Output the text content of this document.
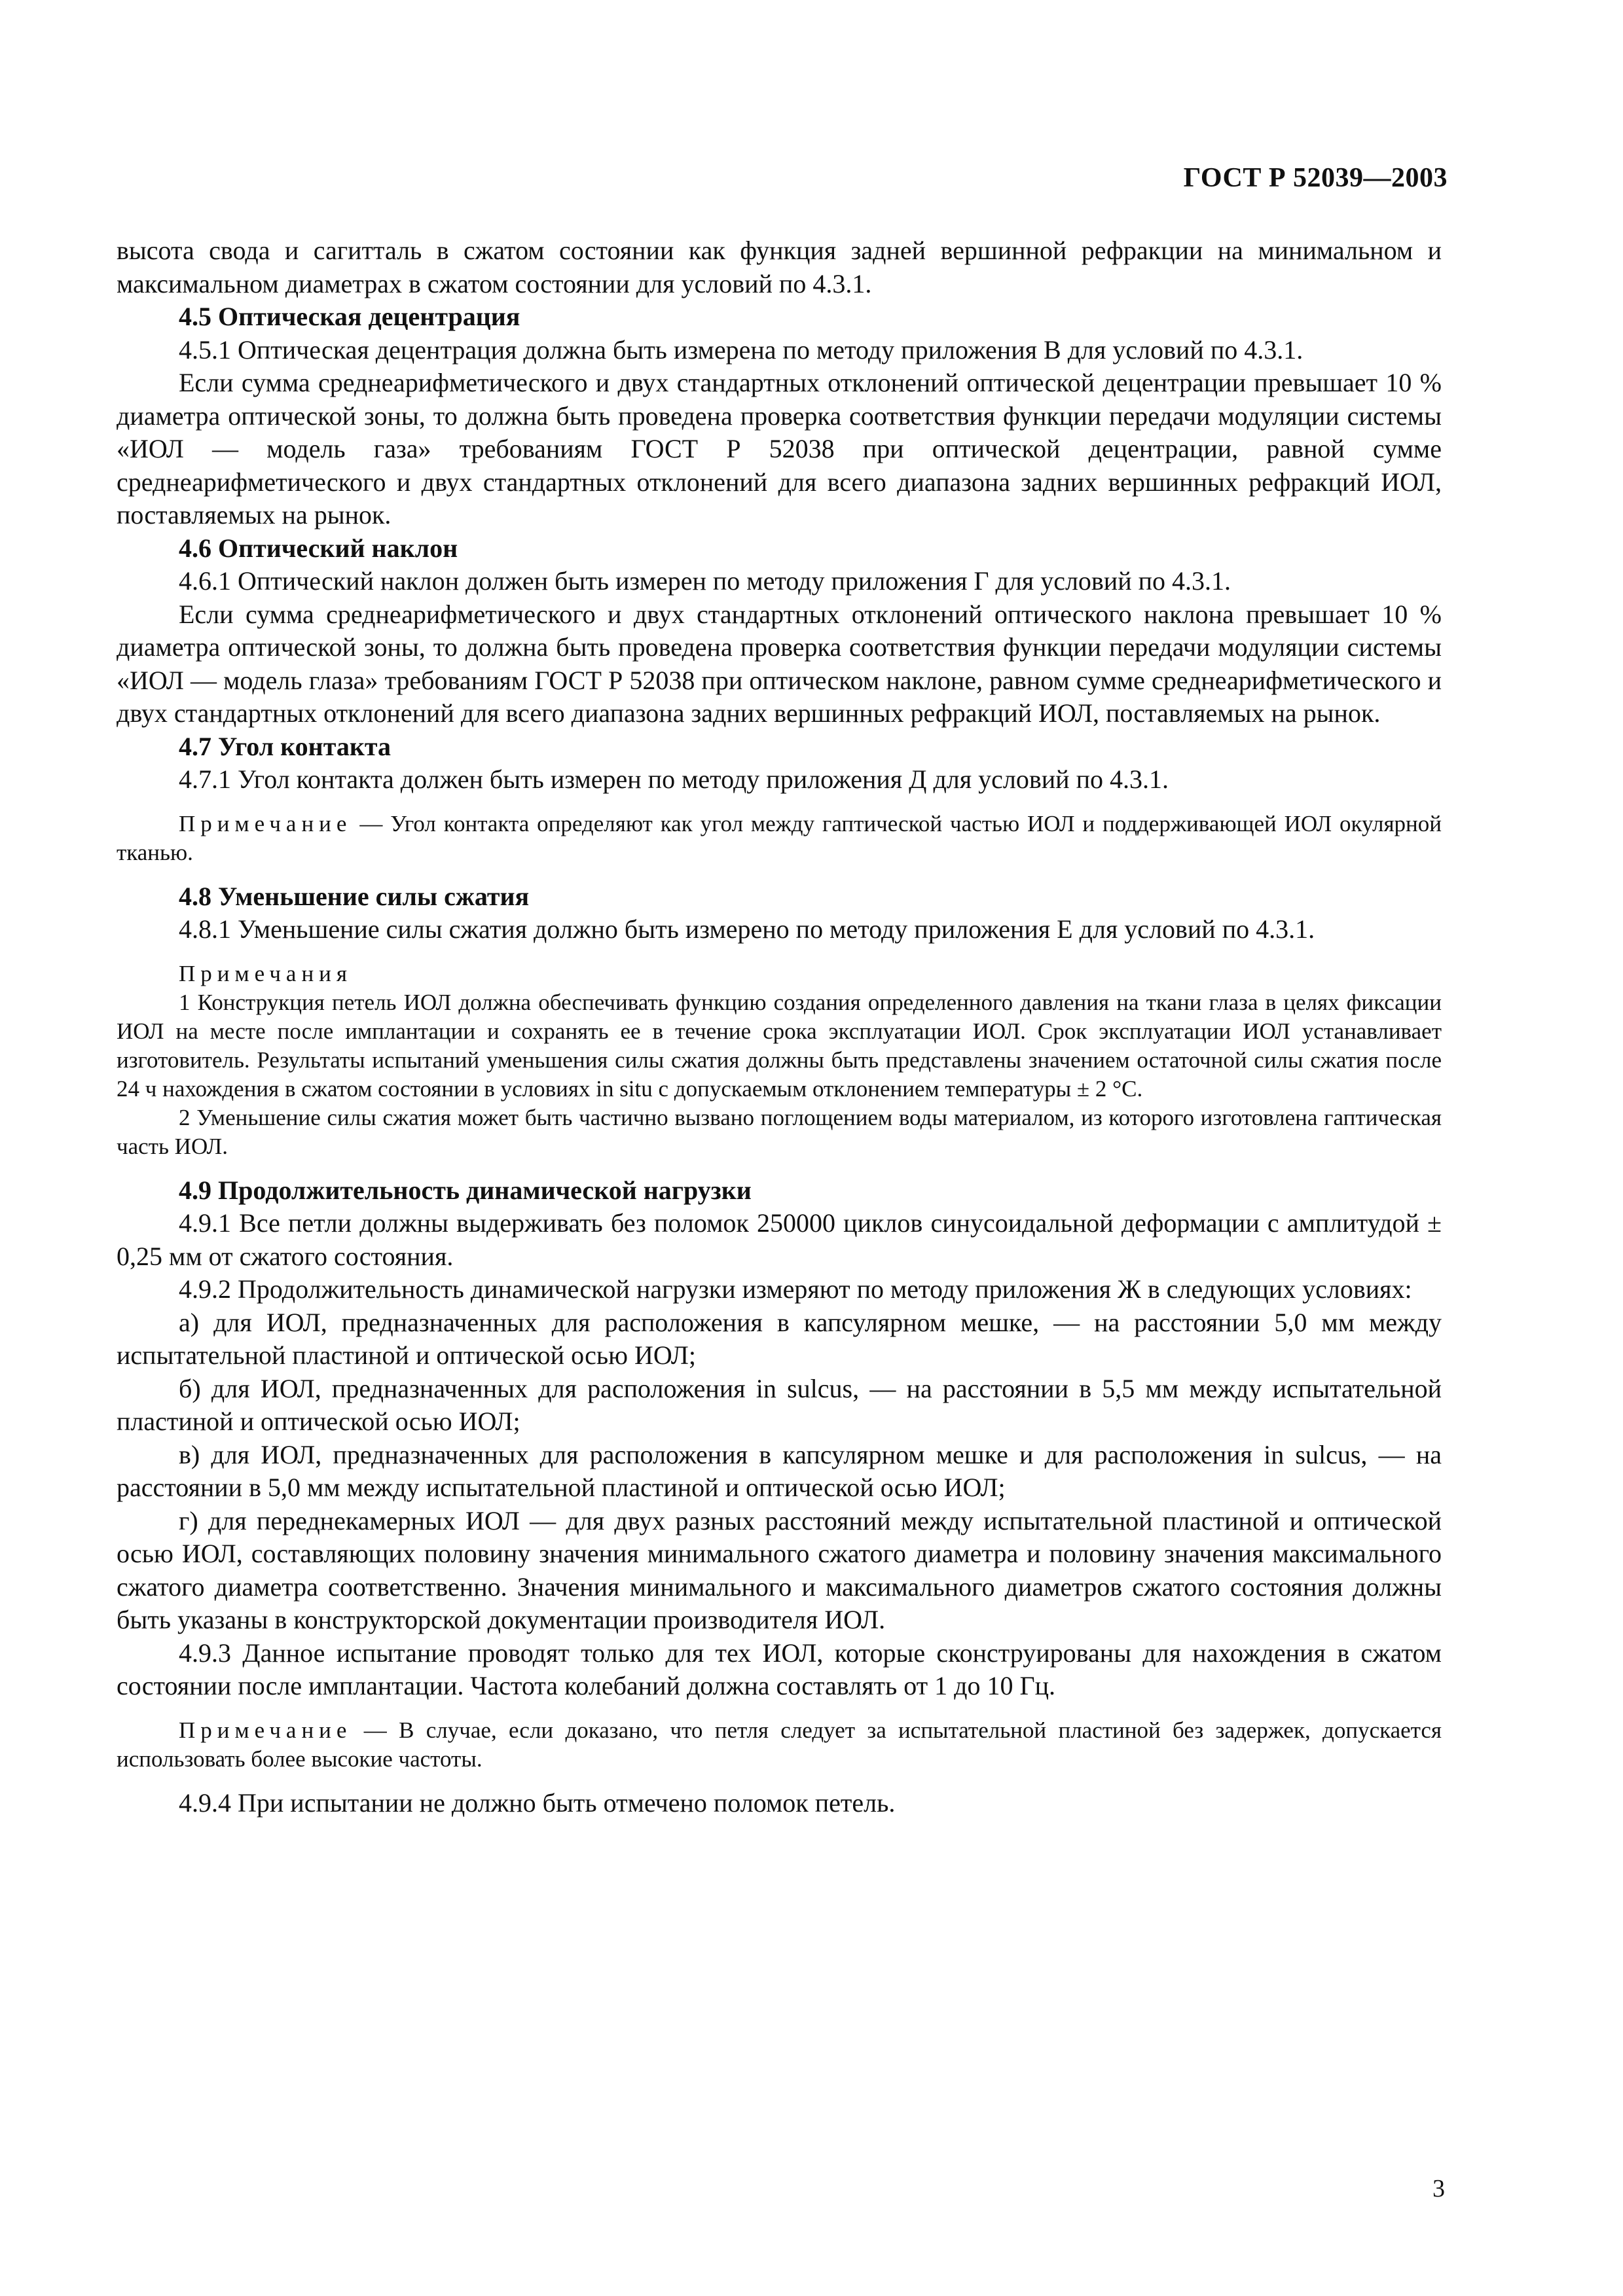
ГОСТ Р 52039—2003

высота свода и сагитталь в сжатом состоянии как функция задней вершинной рефракции на минимальном и максимальном диаметрах в сжатом состоянии для условий по 4.3.1.

4.5 Оптическая децентрация

4.5.1 Оптическая децентрация должна быть измерена по методу приложения В для условий по 4.3.1.

Если сумма среднеарифметического и двух стандартных отклонений оптической децентрации превышает 10 % диаметра оптической зоны, то должна быть проведена проверка соответствия функции передачи модуляции системы «ИОЛ — модель газа» требованиям ГОСТ Р 52038 при оптической децентрации, равной сумме среднеарифметического и двух стандартных отклонений для всего диапазона задних вершинных рефракций ИОЛ, поставляемых на рынок.

4.6 Оптический наклон

4.6.1 Оптический наклон должен быть измерен по методу приложения Г для условий по 4.3.1.

Если сумма среднеарифметического и двух стандартных отклонений оптического наклона превышает 10 % диаметра оптической зоны, то должна быть проведена проверка соответствия функции передачи модуляции системы «ИОЛ — модель глаза» требованиям ГОСТ Р 52038 при оптическом наклоне, равном сумме среднеарифметического и двух стандартных отклонений для всего диапазона задних вершинных рефракций ИОЛ, поставляемых на рынок.

4.7 Угол контакта

4.7.1 Угол контакта должен быть измерен по методу приложения Д для условий по 4.3.1.

Примечание — Угол контакта определяют как угол между гаптической частью ИОЛ и поддерживающей ИОЛ окулярной тканью.

4.8 Уменьшение силы сжатия

4.8.1 Уменьшение силы сжатия должно быть измерено по методу приложения Е для условий по 4.3.1.

Примечания

1 Конструкция петель ИОЛ должна обеспечивать функцию создания определенного давления на ткани глаза в целях фиксации ИОЛ на месте после имплантации и сохранять ее в течение срока эксплуатации ИОЛ. Срок эксплуатации ИОЛ устанавливает изготовитель. Результаты испытаний уменьшения силы сжатия должны быть представлены значением остаточной силы сжатия после 24 ч нахождения в сжатом состоянии в условиях in situ с допускаемым отклонением температуры ± 2 °С.

2 Уменьшение силы сжатия может быть частично вызвано поглощением воды материалом, из которого изготовлена гаптическая часть ИОЛ.

4.9 Продолжительность динамической нагрузки

4.9.1 Все петли должны выдерживать без поломок 250000 циклов синусоидальной деформации с амплитудой ± 0,25 мм от сжатого состояния.

4.9.2 Продолжительность динамической нагрузки измеряют по методу приложения Ж в следующих условиях:

а) для ИОЛ, предназначенных для расположения в капсулярном мешке, — на расстоянии 5,0 мм между испытательной пластиной и оптической осью ИОЛ;

б) для ИОЛ, предназначенных для расположения in sulcus, — на расстоянии в 5,5 мм между испытательной пластиной и оптической осью ИОЛ;

в) для ИОЛ, предназначенных для расположения в капсулярном мешке и для расположения in sulcus, — на расстоянии в 5,0 мм между испытательной пластиной и оптической осью ИОЛ;

г) для переднекамерных ИОЛ — для двух разных расстояний между испытательной пластиной и оптической осью ИОЛ, составляющих половину значения минимального сжатого диаметра и половину значения максимального сжатого диаметра соответственно. Значения минимального и максимального диаметров сжатого состояния должны быть указаны в конструкторской документации производителя ИОЛ.

4.9.3 Данное испытание проводят только для тех ИОЛ, которые сконструированы для нахождения в сжатом состоянии после имплантации. Частота колебаний должна составлять от 1 до 10 Гц.

Примечание — В случае, если доказано, что петля следует за испытательной пластиной без задержек, допускается использовать более высокие частоты.

4.9.4 При испытании не должно быть отмечено поломок петель.

3
